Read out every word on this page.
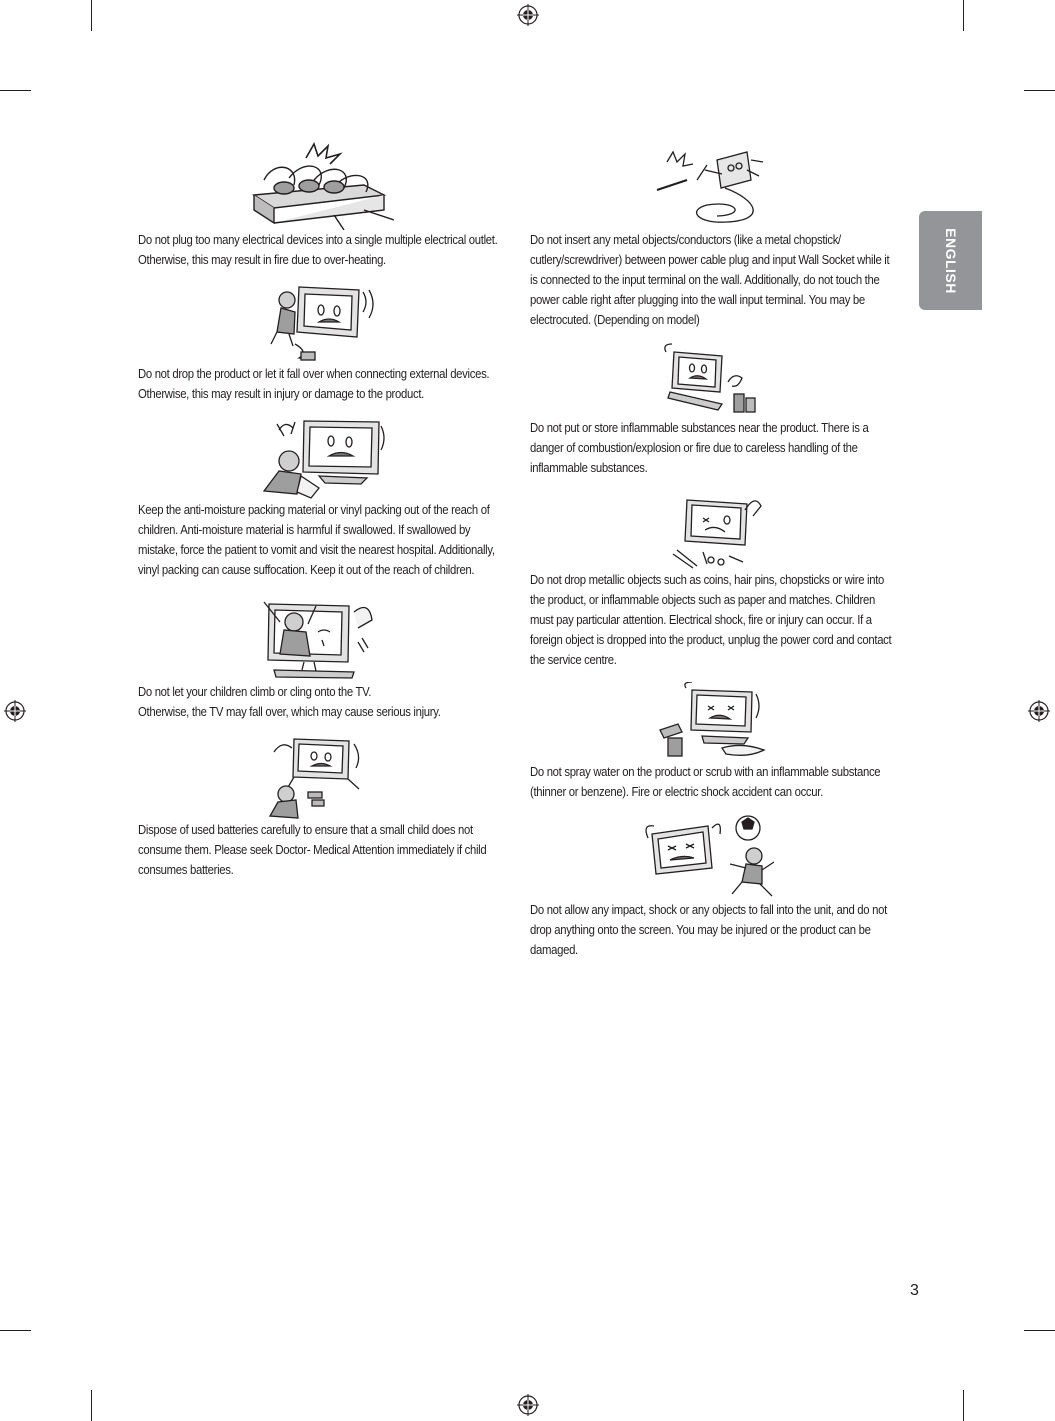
ENGLISH

Do not plug too many electrical devices into a single multiple electrical outlet. Otherwise, this may result in fire due to over-heating.

Do not drop the product or let it fall over when connecting external devices. Otherwise, this may result in injury or damage to the product.

Keep the anti-moisture packing material or vinyl packing out of the reach of children. Anti-moisture material is harmful if swallowed. If swallowed by mistake, force the patient to vomit and visit the nearest hospital. Additionally, vinyl packing can cause suffocation. Keep it out of the reach of children.

Do not let your children climb or cling onto the TV.
Otherwise, the TV may fall over, which may cause serious injury.

Dispose of used batteries carefully to ensure that a small child does not consume them. Please seek Doctor- Medical Attention immediately if child consumes batteries.

Do not insert any metal objects/conductors (like a metal chopstick/ cutlery/screwdriver) between power cable plug and input Wall Socket while it is connected to the input terminal on the wall. Additionally, do not touch the power cable right after plugging into the wall input terminal. You may be electrocuted. (Depending on model)

Do not put or store inflammable substances near the product. There is a danger of combustion/explosion or fire due to careless handling of the inflammable substances.

Do not drop metallic objects such as coins, hair pins, chopsticks or wire into the product, or inflammable objects such as paper and matches. Children must pay particular attention. Electrical shock, fire or injury can occur. If a foreign object is dropped into the product, unplug the power cord and contact the service centre.

Do not spray water on the product or scrub with an inflammable substance (thinner or benzene). Fire or electric shock accident can occur.

Do not allow any impact, shock or any objects to fall into the unit, and do not drop anything onto the screen. You may be injured or the product can be damaged.

3
